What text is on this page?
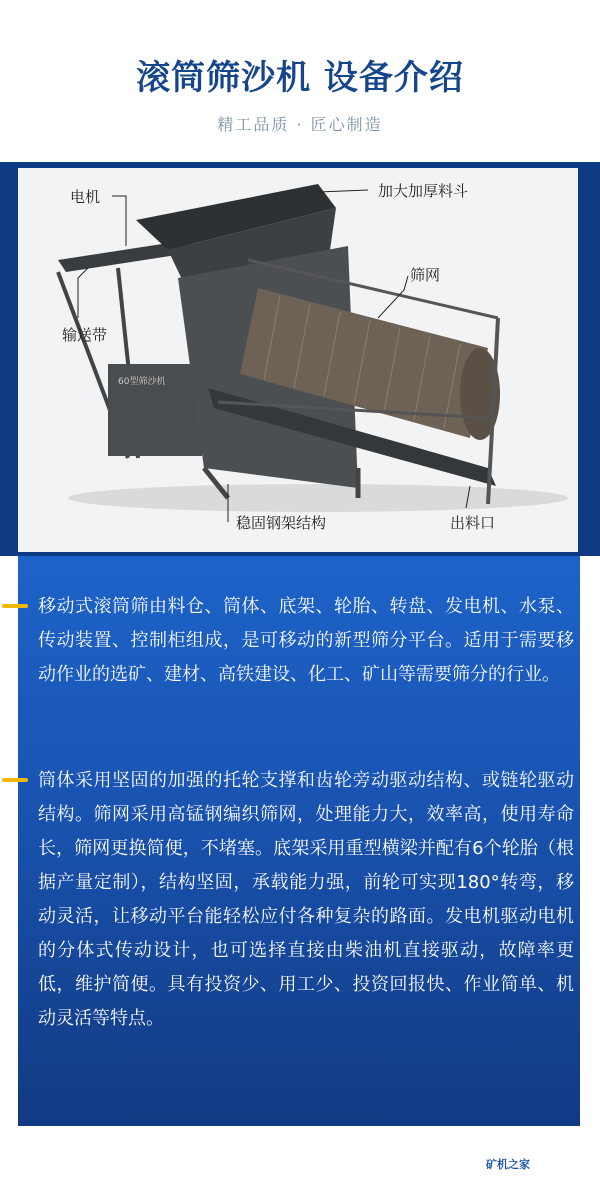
滚筒筛沙机 设备介绍
精工品质 · 匠心制造
60型筛沙机
电机	加大加厚料斗
筛网
输送带
稳固钢架结构	出料口
移动式滚筒筛由料仓、筒体、底架、轮胎、转盘、发电机、水泵、传动装置、控制柜组成，是可移动的新型筛分平台。适用于需要移动作业的选矿、建材、高铁建设、化工、矿山等需要筛分的行业。
筒体采用坚固的加强的托轮支撑和齿轮旁动驱动结构、或链轮驱动结构。筛网采用高锰钢编织筛网，处理能力大，效率高，使用寿命长，筛网更换简便，不堵塞。底架采用重型横梁并配有6个轮胎（根据产量定制），结构坚固，承载能力强，前轮可实现180°转弯，移动灵活，让移动平台能轻松应付各种复杂的路面。发电机驱动电机的分体式传动设计，也可选择直接由柴油机直接驱动，故障率更低，维护简便。具有投资少、用工少、投资回报快、作业简单、机动灵活等特点。
矿机之家
